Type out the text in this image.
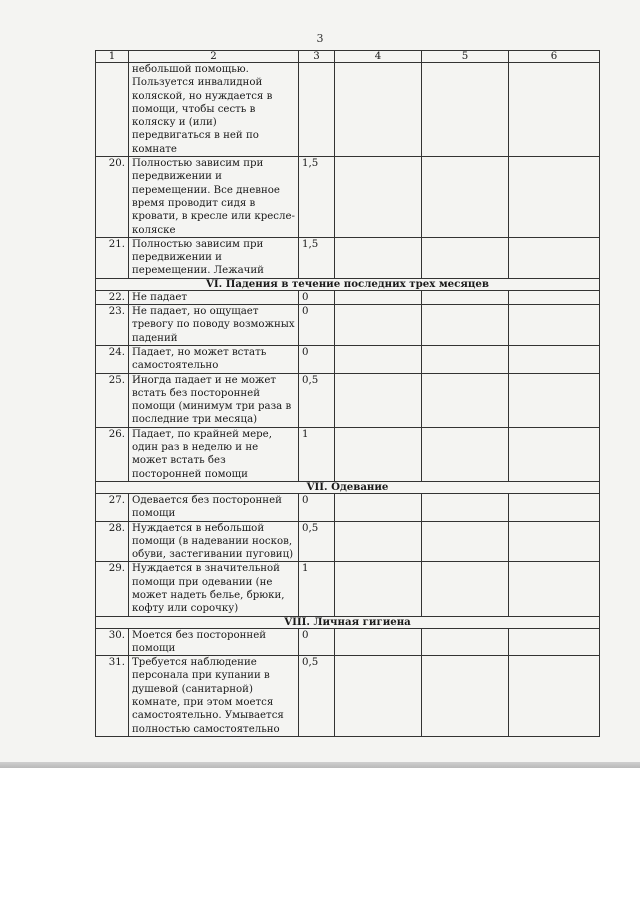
3
1	2	3	4	5	6
	небольшой помощью. Пользуется инвалидной коляской, но нуждается в помощи, чтобы сесть в коляску и (или) передвигаться в ней по комнате				
20.	Полностью зависим при передвижении и перемещении. Все дневное время проводит сидя в кровати, в кресле или кресле-коляске	1,5			
21.	Полностью зависим при передвижении и перемещении. Лежачий	1,5			
VI. Падения в течение последних трех месяцев					
22.	Не падает	0			
23.	Не падает, но ощущает тревогу по поводу возможных падений	0			
24.	Падает, но может встать самостоятельно	0			
25.	Иногда падает и не может встать без посторонней помощи (минимум три раза в последние три месяца)	0,5			
26.	Падает, по крайней мере, один раз в неделю и не может встать без посторонней помощи	1			
VII. Одевание					
27.	Одевается без посторонней помощи	0			
28.	Нуждается в небольшой помощи (в надевании носков, обуви, застегивании пуговиц)	0,5			
29.	Нуждается в значительной помощи при одевании (не может надеть белье, брюки, кофту или сорочку)	1			
VIII. Личная гигиена					
30.	Моется без посторонней помощи	0			
31.	Требуется наблюдение персонала при купании в душевой (санитарной) комнате, при этом моется самостоятельно. Умывается полностью самостоятельно	0,5			
